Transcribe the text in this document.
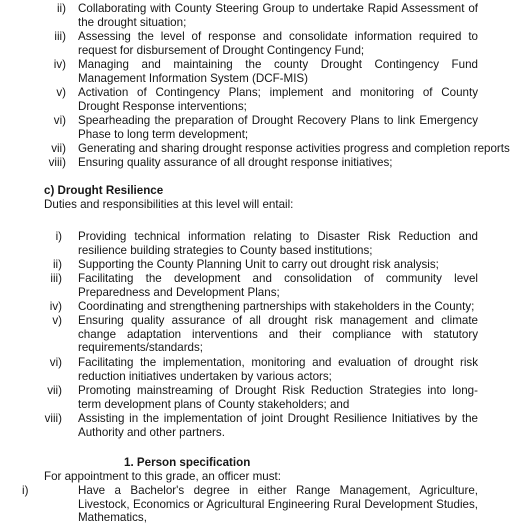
ii) Collaborating with County Steering Group to undertake Rapid Assessment of the drought situation;
iii) Assessing the level of response and consolidate information required to request for disbursement of Drought Contingency Fund;
iv) Managing and maintaining the county Drought Contingency Fund Management Information System (DCF-MIS)
v) Activation of Contingency Plans; implement and monitoring of County Drought Response interventions;
vi) Spearheading the preparation of Drought Recovery Plans to link Emergency Phase to long term development;
vii) Generating and sharing drought response activities progress and completion reports
viii) Ensuring quality assurance of all drought response initiatives;
c) Drought Resilience
Duties and responsibilities at this level will entail:
i) Providing technical information relating to Disaster Risk Reduction and resilience building strategies to County based institutions;
ii) Supporting the County Planning Unit to carry out drought risk analysis;
iii) Facilitating the development and consolidation of community level Preparedness and Development Plans;
iv) Coordinating and strengthening partnerships with stakeholders in the County;
v) Ensuring quality assurance of all drought risk management and climate change adaptation interventions and their compliance with statutory requirements/standards;
vi) Facilitating the implementation, monitoring and evaluation of drought risk reduction initiatives undertaken by various actors;
vii) Promoting mainstreaming of Drought Risk Reduction Strategies into long-term development plans of County stakeholders; and
viii) Assisting in the implementation of joint Drought Resilience Initiatives by the Authority and other partners.
1. Person specification
For appointment to this grade, an officer must:
i)	Have a Bachelor's degree in either Range Management, Agriculture, Livestock, Economics or Agricultural Engineering Rural Development Studies, Mathematics,
